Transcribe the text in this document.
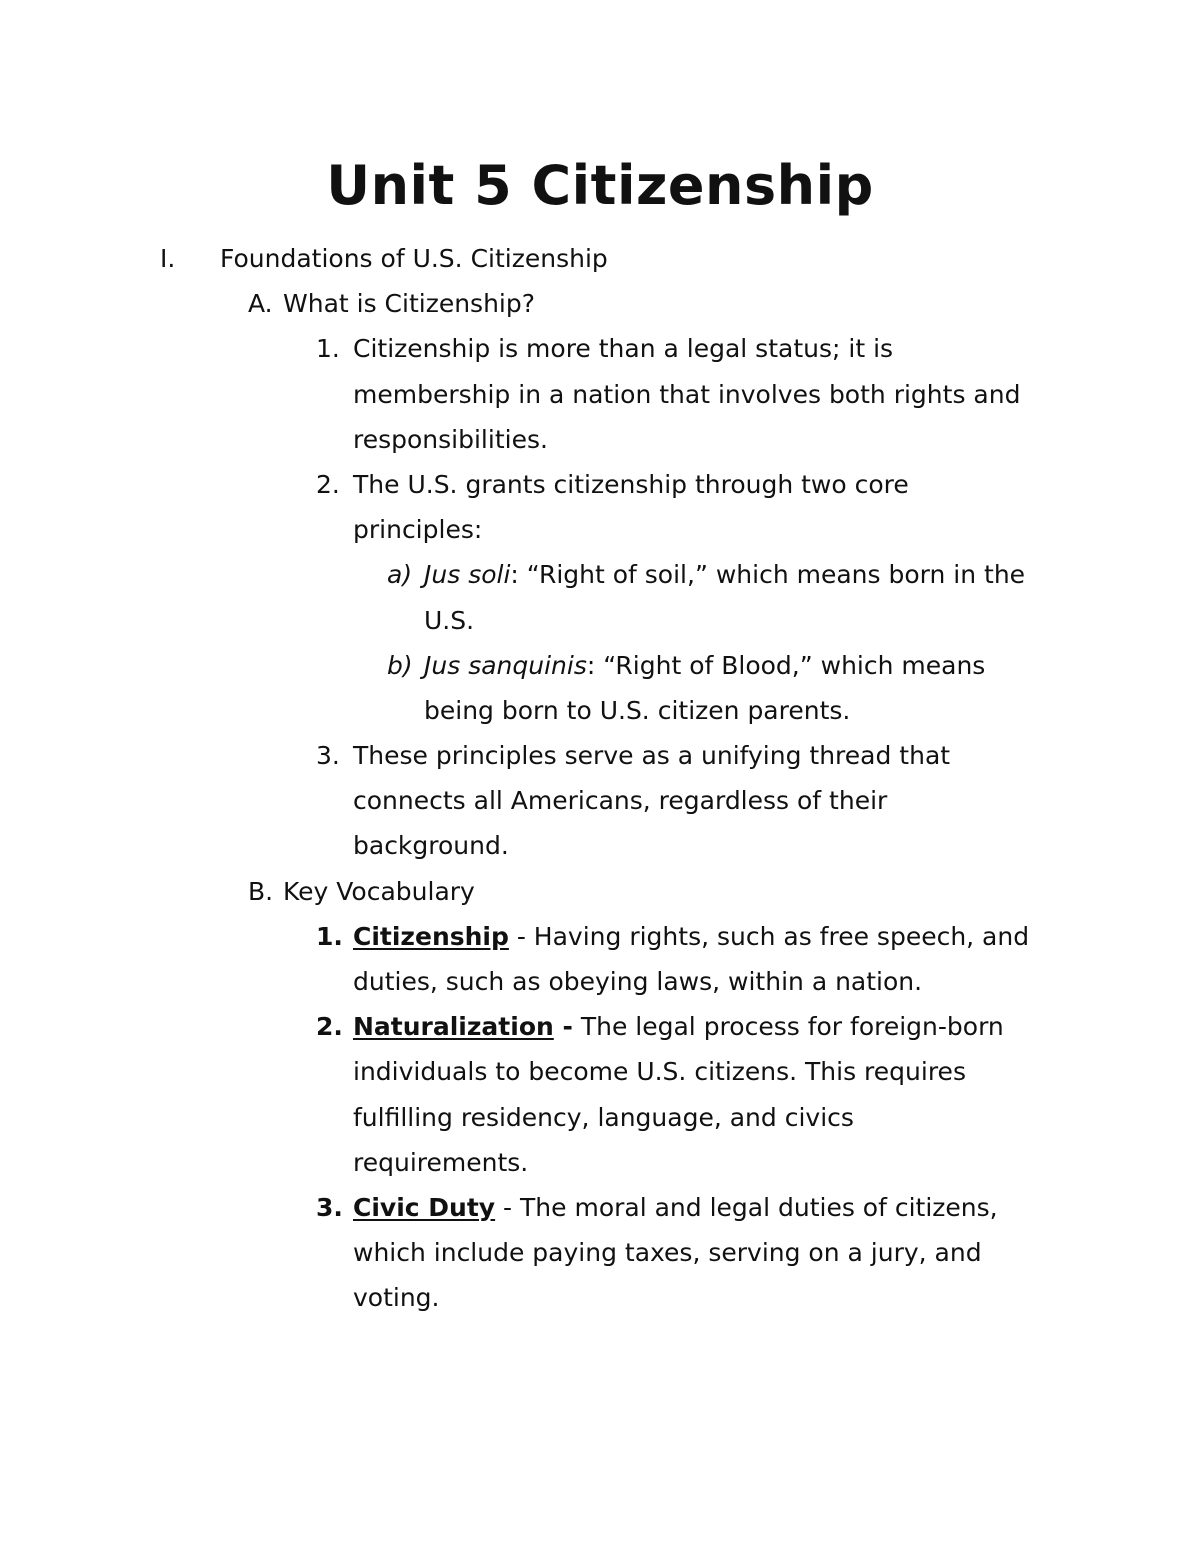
Unit 5 Citizenship
I. Foundations of U.S. Citizenship
A. What is Citizenship?
1. Citizenship is more than a legal status; it is
membership in a nation that involves both rights and
responsibilities.
2. The U.S. grants citizenship through two core
principles:
a) Jus soli: “Right of soil,” which means born in the
U.S.
b) Jus sanquinis: “Right of Blood,” which means
being born to U.S. citizen parents.
3. These principles serve as a unifying thread that
connects all Americans, regardless of their
background.
B. Key Vocabulary
1. Citizenship - Having rights, such as free speech, and
duties, such as obeying laws, within a nation.
2. Naturalization - The legal process for foreign-born
individuals to become U.S. citizens. This requires
fulfilling residency, language, and civics
requirements.
3. Civic Duty - The moral and legal duties of citizens,
which include paying taxes, serving on a jury, and
voting.
